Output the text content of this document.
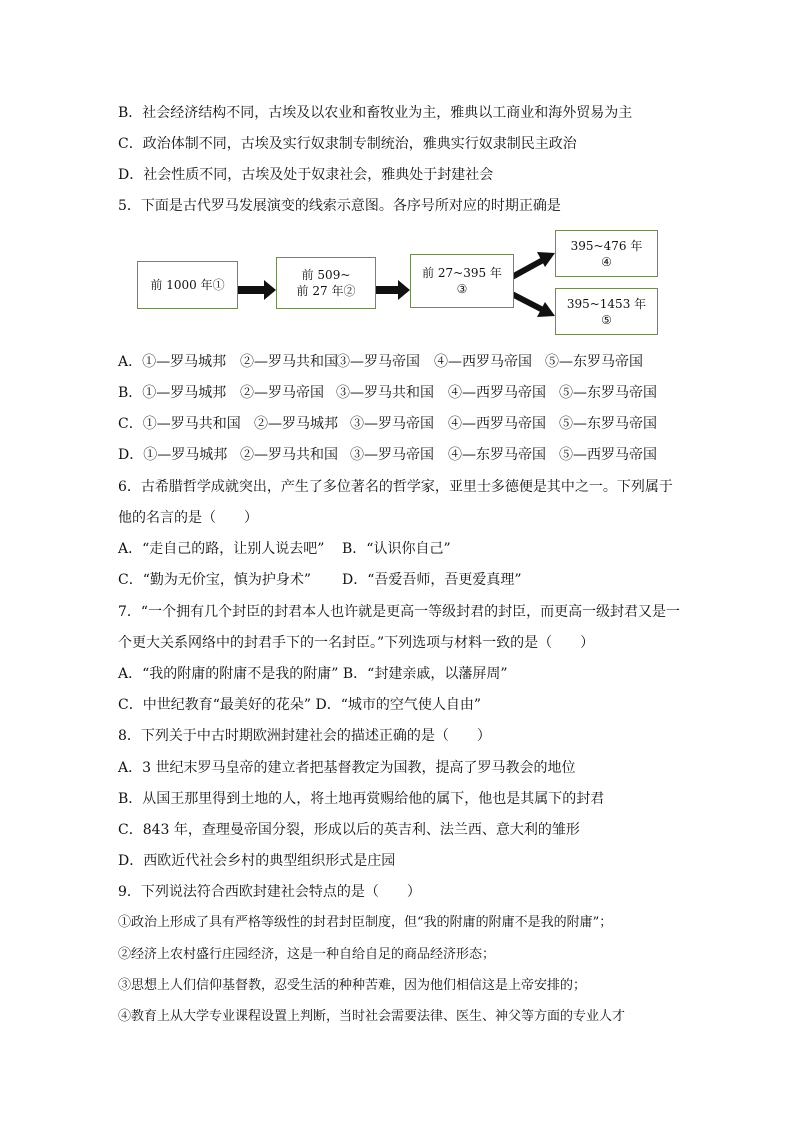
B．社会经济结构不同，古埃及以农业和畜牧业为主，雅典以工商业和海外贸易为主
C．政治体制不同，古埃及实行奴隶制专制统治，雅典实行奴隶制民主政治
D．社会性质不同，古埃及处于奴隶社会，雅典处于封建社会
5．下面是古代罗马发展演变的线索示意图。各序号所对应的时期正确是
前 1000 年①
前 509~
前 27 年②
前 27~395 年
③
395~476 年
④
395~1453 年
⑤
A．①—罗马城邦 ②—罗马共和国③—罗马帝国 ④—西罗马帝国 ⑤—东罗马帝国
B．①—罗马城邦 ②—罗马帝国 ③—罗马共和国 ④—西罗马帝国 ⑤—东罗马帝国
C．①—罗马共和国 ②—罗马城邦 ③—罗马帝国 ④—西罗马帝国 ⑤—东罗马帝国
D．①—罗马城邦 ②—罗马共和国 ③—罗马帝国 ④—东罗马帝国 ⑤—西罗马帝国
6．古希腊哲学成就突出，产生了多位著名的哲学家，亚里士多德便是其中之一。下列属于
他的名言的是（　　）
A．“走自己的路，让别人说去吧” B．“认识你自己”
C．“勤为无价宝，慎为护身术” D．“吾爱吾师，吾更爱真理”
7．“一个拥有几个封臣的封君本人也许就是更高一等级封君的封臣，而更高一级封君又是一
个更大关系网络中的封君手下的一名封臣。”下列选项与材料一致的是（　　）
A．“我的附庸的附庸不是我的附庸” B．“封建亲戚，以藩屏周”
C．中世纪教育“最美好的花朵” D．“城市的空气使人自由”
8．下列关于中古时期欧洲封建社会的描述正确的是（　　）
A．3 世纪末罗马皇帝的建立者把基督教定为国教，提高了罗马教会的地位
B．从国王那里得到土地的人，将土地再赏赐给他的属下，他也是其属下的封君
C．843 年，查理曼帝国分裂，形成以后的英吉利、法兰西、意大利的雏形
D．西欧近代社会乡村的典型组织形式是庄园
9．下列说法符合西欧封建社会特点的是（　　）
①政治上形成了具有严格等级性的封君封臣制度，但“我的附庸的附庸不是我的附庸”；
②经济上农村盛行庄园经济，这是一种自给自足的商品经济形态；
③思想上人们信仰基督教，忍受生活的种种苦难，因为他们相信这是上帝安排的；
④教育上从大学专业课程设置上判断，当时社会需要法律、医生、神父等方面的专业人才
